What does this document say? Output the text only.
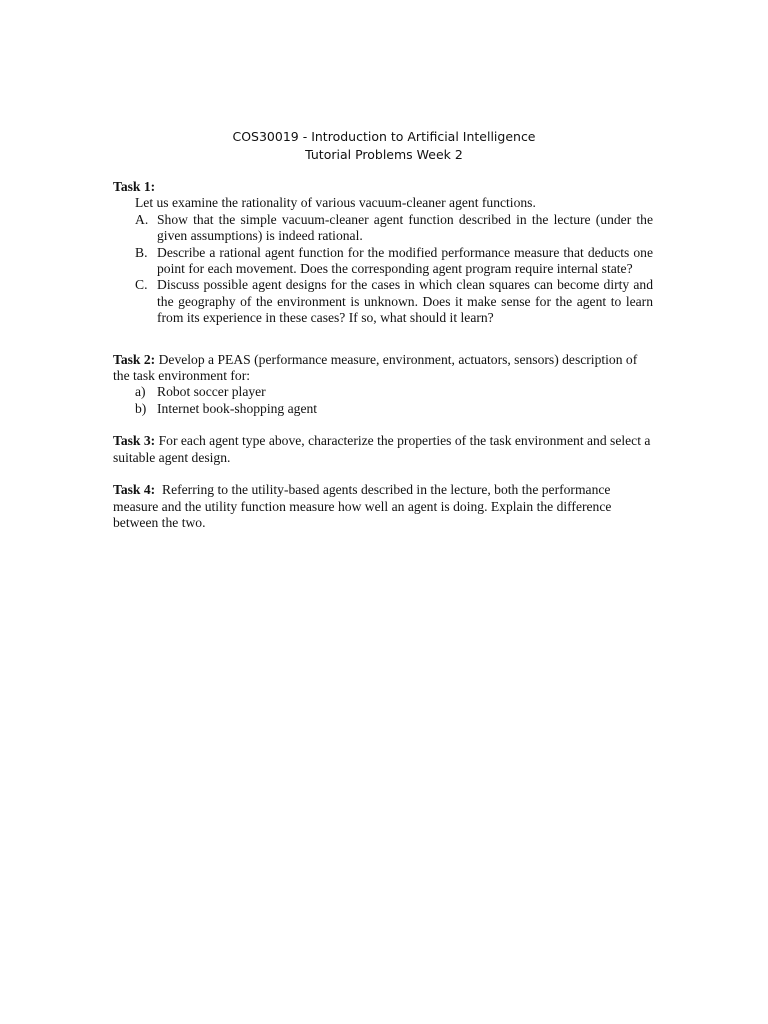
COS30019 - Introduction to Artificial Intelligence
Tutorial Problems Week 2

Task 1:

Let us examine the rationality of various vacuum-cleaner agent functions.

A. Show that the simple vacuum-cleaner agent function described in the lecture (under the given assumptions) is indeed rational.
B. Describe a rational agent function for the modified performance measure that deducts one point for each movement. Does the corresponding agent program require internal state?
C. Discuss possible agent designs for the cases in which clean squares can become dirty and the geography of the environment is unknown. Does it make sense for the agent to learn from its experience in these cases? If so, what should it learn?

Task 2: Develop a PEAS (performance measure, environment, actuators, sensors) description of the task environment for:

a) Robot soccer player
b) Internet book-shopping agent

Task 3: For each agent type above, characterize the properties of the task environment and select a suitable agent design.

Task 4:  Referring to the utility-based agents described in the lecture, both the performance measure and the utility function measure how well an agent is doing. Explain the difference between the two.
